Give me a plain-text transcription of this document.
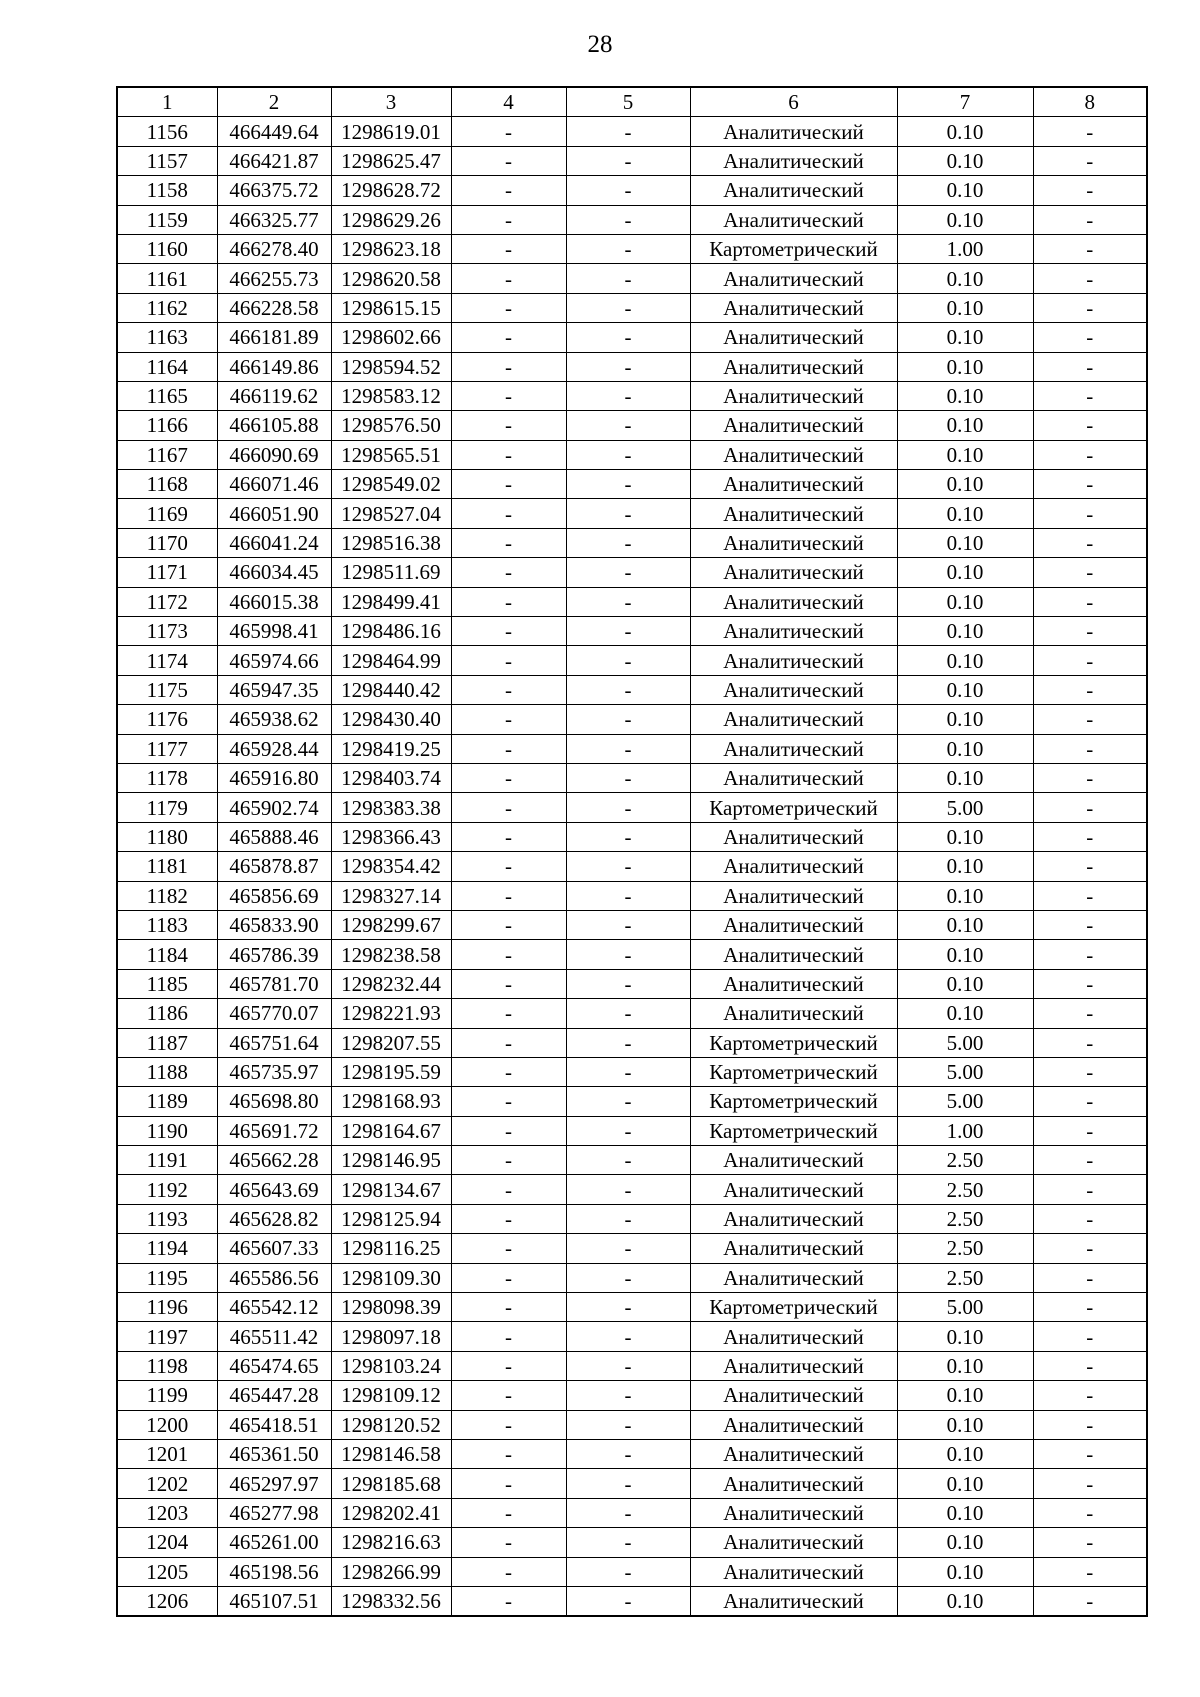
28
1	2	3	4	5	6	7	8
1156	466449.64	1298619.01	-	-	Аналитический	0.10	-
1157	466421.87	1298625.47	-	-	Аналитический	0.10	-
1158	466375.72	1298628.72	-	-	Аналитический	0.10	-
1159	466325.77	1298629.26	-	-	Аналитический	0.10	-
1160	466278.40	1298623.18	-	-	Картометрический	1.00	-
1161	466255.73	1298620.58	-	-	Аналитический	0.10	-
1162	466228.58	1298615.15	-	-	Аналитический	0.10	-
1163	466181.89	1298602.66	-	-	Аналитический	0.10	-
1164	466149.86	1298594.52	-	-	Аналитический	0.10	-
1165	466119.62	1298583.12	-	-	Аналитический	0.10	-
1166	466105.88	1298576.50	-	-	Аналитический	0.10	-
1167	466090.69	1298565.51	-	-	Аналитический	0.10	-
1168	466071.46	1298549.02	-	-	Аналитический	0.10	-
1169	466051.90	1298527.04	-	-	Аналитический	0.10	-
1170	466041.24	1298516.38	-	-	Аналитический	0.10	-
1171	466034.45	1298511.69	-	-	Аналитический	0.10	-
1172	466015.38	1298499.41	-	-	Аналитический	0.10	-
1173	465998.41	1298486.16	-	-	Аналитический	0.10	-
1174	465974.66	1298464.99	-	-	Аналитический	0.10	-
1175	465947.35	1298440.42	-	-	Аналитический	0.10	-
1176	465938.62	1298430.40	-	-	Аналитический	0.10	-
1177	465928.44	1298419.25	-	-	Аналитический	0.10	-
1178	465916.80	1298403.74	-	-	Аналитический	0.10	-
1179	465902.74	1298383.38	-	-	Картометрический	5.00	-
1180	465888.46	1298366.43	-	-	Аналитический	0.10	-
1181	465878.87	1298354.42	-	-	Аналитический	0.10	-
1182	465856.69	1298327.14	-	-	Аналитический	0.10	-
1183	465833.90	1298299.67	-	-	Аналитический	0.10	-
1184	465786.39	1298238.58	-	-	Аналитический	0.10	-
1185	465781.70	1298232.44	-	-	Аналитический	0.10	-
1186	465770.07	1298221.93	-	-	Аналитический	0.10	-
1187	465751.64	1298207.55	-	-	Картометрический	5.00	-
1188	465735.97	1298195.59	-	-	Картометрический	5.00	-
1189	465698.80	1298168.93	-	-	Картометрический	5.00	-
1190	465691.72	1298164.67	-	-	Картометрический	1.00	-
1191	465662.28	1298146.95	-	-	Аналитический	2.50	-
1192	465643.69	1298134.67	-	-	Аналитический	2.50	-
1193	465628.82	1298125.94	-	-	Аналитический	2.50	-
1194	465607.33	1298116.25	-	-	Аналитический	2.50	-
1195	465586.56	1298109.30	-	-	Аналитический	2.50	-
1196	465542.12	1298098.39	-	-	Картометрический	5.00	-
1197	465511.42	1298097.18	-	-	Аналитический	0.10	-
1198	465474.65	1298103.24	-	-	Аналитический	0.10	-
1199	465447.28	1298109.12	-	-	Аналитический	0.10	-
1200	465418.51	1298120.52	-	-	Аналитический	0.10	-
1201	465361.50	1298146.58	-	-	Аналитический	0.10	-
1202	465297.97	1298185.68	-	-	Аналитический	0.10	-
1203	465277.98	1298202.41	-	-	Аналитический	0.10	-
1204	465261.00	1298216.63	-	-	Аналитический	0.10	-
1205	465198.56	1298266.99	-	-	Аналитический	0.10	-
1206	465107.51	1298332.56	-	-	Аналитический	0.10	-
